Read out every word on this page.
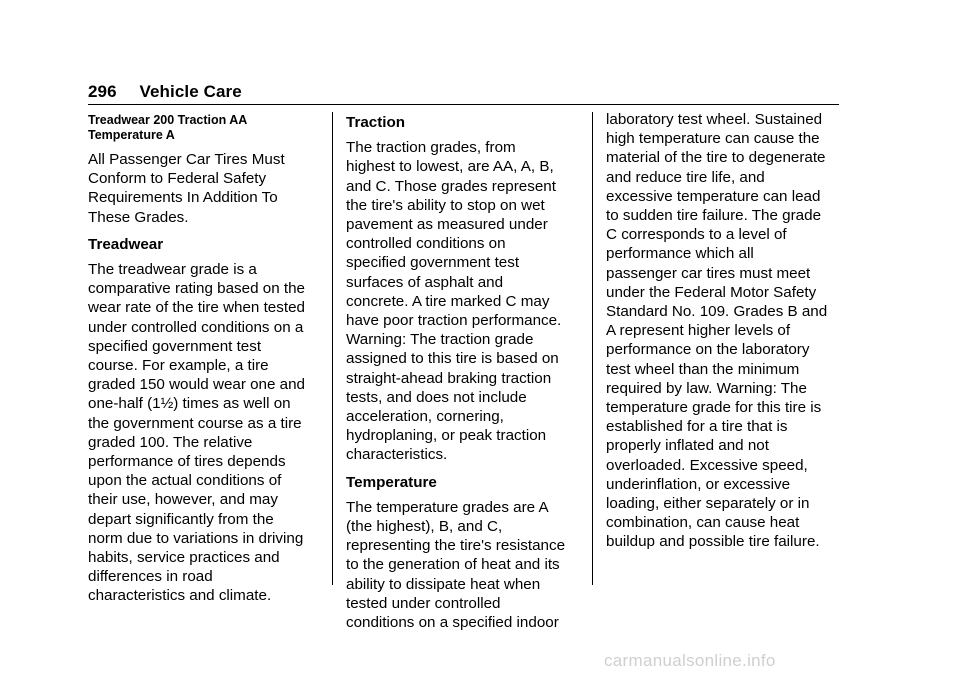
296 Vehicle Care
Treadwear 200 Traction AA
Temperature A

All Passenger Car Tires Must
Conform to Federal Safety
Requirements In Addition To
These Grades.

Treadwear

The treadwear grade is a
comparative rating based on the
wear rate of the tire when tested
under controlled conditions on a
specified government test
course. For example, a tire
graded 150 would wear one and
one-half (1½) times as well on
the government course as a tire
graded 100. The relative
performance of tires depends
upon the actual conditions of
their use, however, and may
depart significantly from the
norm due to variations in driving
habits, service practices and
differences in road
characteristics and climate.

Traction

The traction grades, from
highest to lowest, are AA, A, B,
and C. Those grades represent
the tire's ability to stop on wet
pavement as measured under
controlled conditions on
specified government test
surfaces of asphalt and
concrete. A tire marked C may
have poor traction performance.
Warning: The traction grade
assigned to this tire is based on
straight-ahead braking traction
tests, and does not include
acceleration, cornering,
hydroplaning, or peak traction
characteristics.

Temperature

The temperature grades are A
(the highest), B, and C,
representing the tire's resistance
to the generation of heat and its
ability to dissipate heat when
tested under controlled
conditions on a specified indoor

laboratory test wheel. Sustained
high temperature can cause the
material of the tire to degenerate
and reduce tire life, and
excessive temperature can lead
to sudden tire failure. The grade
C corresponds to a level of
performance which all
passenger car tires must meet
under the Federal Motor Safety
Standard No. 109. Grades B and
A represent higher levels of
performance on the laboratory
test wheel than the minimum
required by law. Warning: The
temperature grade for this tire is
established for a tire that is
properly inflated and not
overloaded. Excessive speed,
underinflation, or excessive
loading, either separately or in
combination, can cause heat
buildup and possible tire failure.

carmanualsonline.info
